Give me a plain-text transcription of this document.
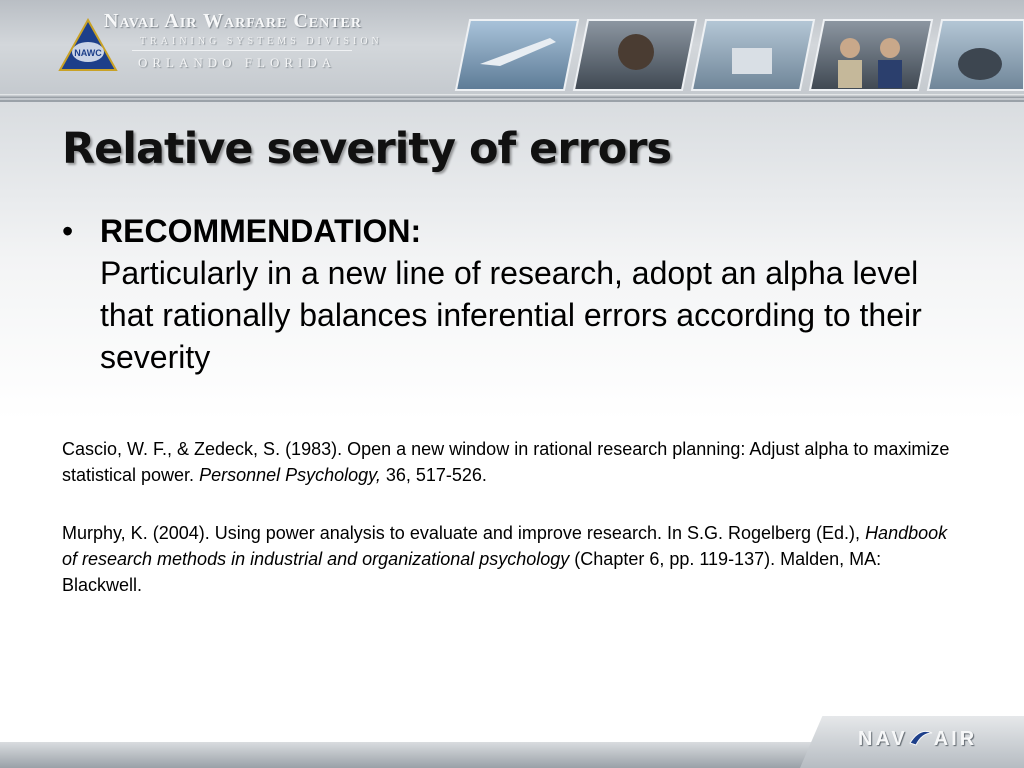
NAWC
Naval Air Warfare Center
TRAINING SYSTEMS DIVISION
ORLANDO FLORIDA
Relative severity of errors
• RECOMMENDATION:
Particularly in a new line of research, adopt an alpha level that rationally balances inferential errors according to their severity

Cascio, W. F., & Zedeck, S. (1983). Open a new window in rational research planning: Adjust alpha to maximize statistical power. Personnel Psychology, 36, 517-526.

Murphy, K. (2004). Using power analysis to evaluate and improve research. In S.G. Rogelberg (Ed.), Handbook of research methods in industrial and organizational psychology (Chapter 6, pp. 119-137). Malden, MA: Blackwell.

NAV AIR
